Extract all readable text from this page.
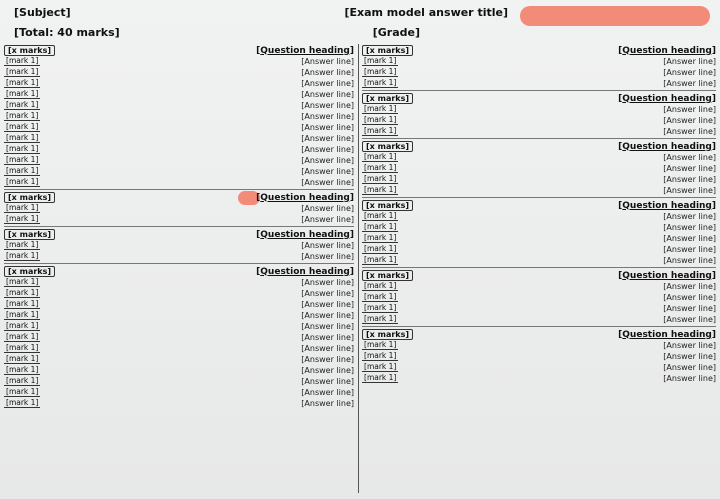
[Exam model answer title]
[Subject]
[Grade]
[Total: 40 marks]
[Question heading]
[x marks]
[Answer line]
[1 mark]
[Answer line]
[1 mark]
[Answer line]
[1 mark]
[Question heading]
[x marks]
[Answer line]
[1 mark]
[Answer line]
[1 mark]
[Answer line]
[1 mark]
[Question heading]
[x marks]
[Answer line]
[1 mark]
[Answer line]
[1 mark]
[Answer line]
[1 mark]
[Answer line]
[1 mark]
[Question heading]
[x marks]
[Answer line]
[1 mark]
[Answer line]
[1 mark]
[Answer line]
[1 mark]
[Answer line]
[1 mark]
[Answer line]
[1 mark]
[Question heading]
[x marks]
[Answer line]
[1 mark]
[Answer line]
[1 mark]
[Answer line]
[1 mark]
[Answer line]
[1 mark]
[Question heading]
[x marks]
[Answer line]
[1 mark]
[Answer line]
[1 mark]
[Answer line]
[1 mark]
[Answer line]
[1 mark]
[Question heading]
[x marks]
[Answer line]
[1 mark]
[Answer line]
[1 mark]
[Answer line]
[1 mark]
[Answer line]
[1 mark]
[Answer line]
[1 mark]
[Answer line]
[1 mark]
[Answer line]
[1 mark]
[Answer line]
[1 mark]
[Answer line]
[1 mark]
[Answer line]
[1 mark]
[Answer line]
[1 mark]
[Answer line]
[1 mark]
[Question heading]
[x marks]
[Answer line]
[1 mark]
[Answer line]
[1 mark]
[Question heading]
[x marks]
[Answer line]
[1 mark]
[Answer line]
[1 mark]
[Question heading]
[x marks]
[Answer line]
[1 mark]
[Answer line]
[1 mark]
[Answer line]
[1 mark]
[Answer line]
[1 mark]
[Answer line]
[1 mark]
[Answer line]
[1 mark]
[Answer line]
[1 mark]
[Answer line]
[1 mark]
[Answer line]
[1 mark]
[Answer line]
[1 mark]
[Answer line]
[1 mark]
[Answer line]
[1 mark]
